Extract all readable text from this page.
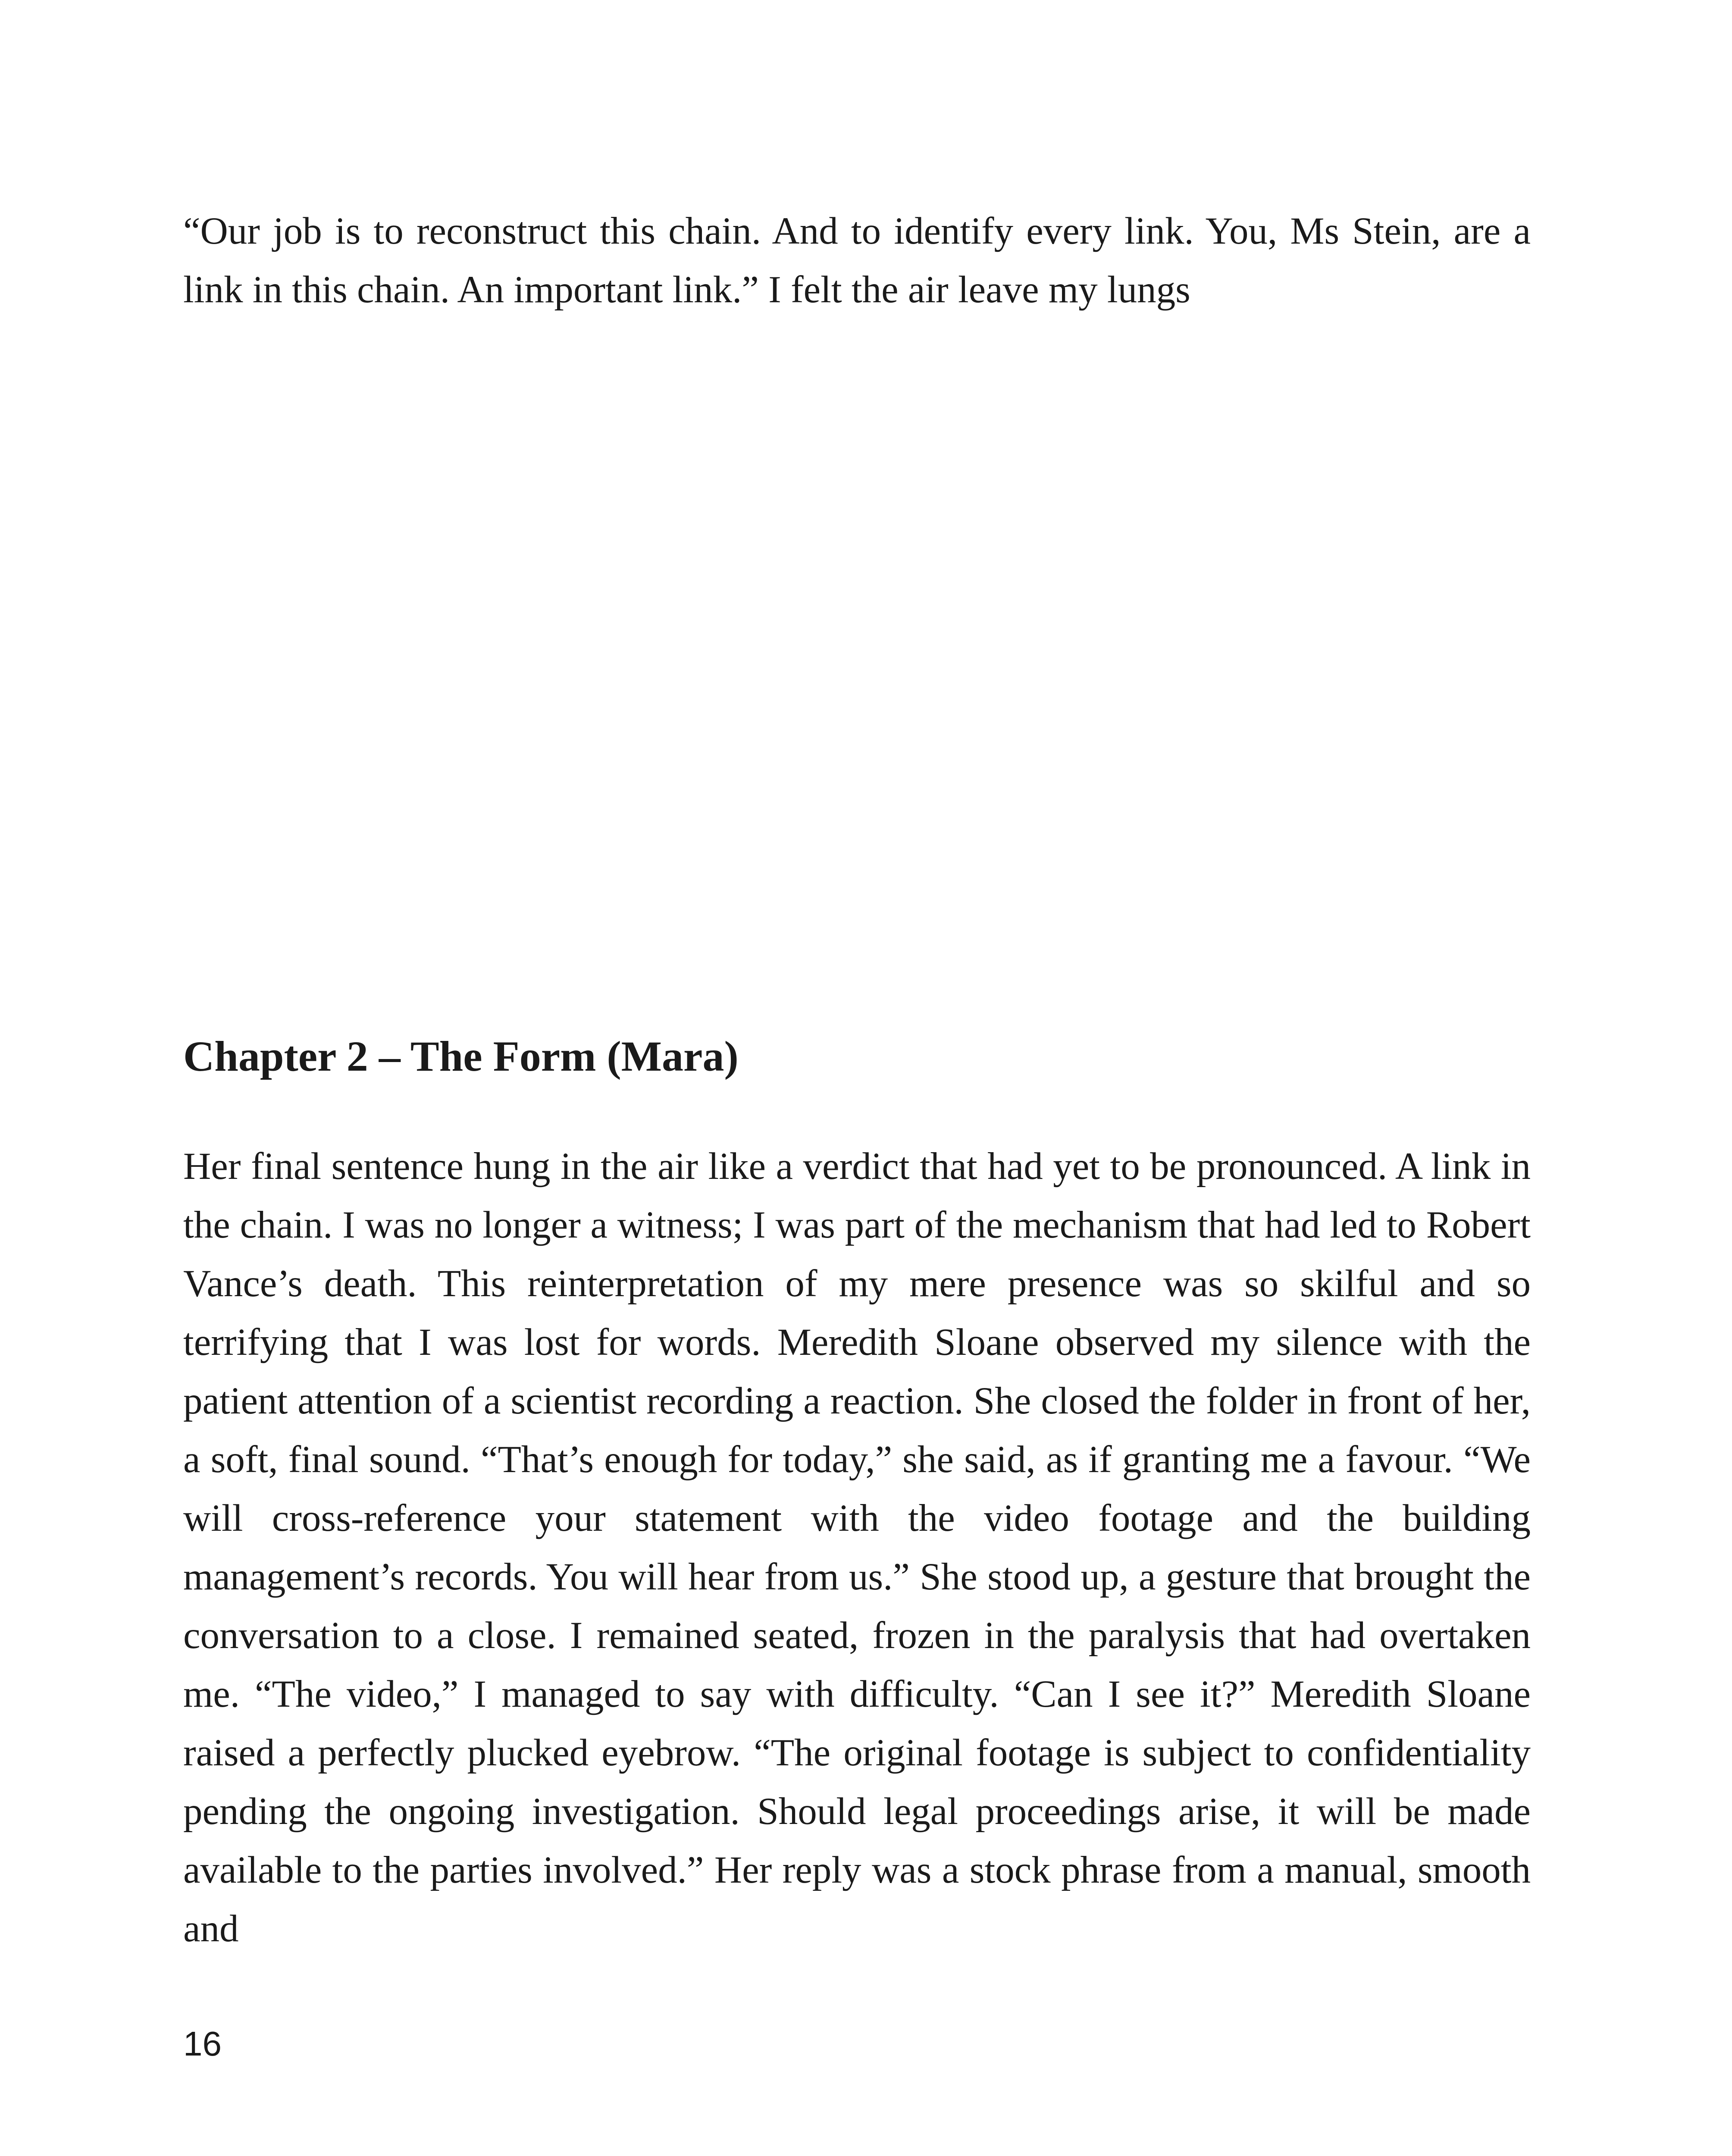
“Our job is to reconstruct this chain. And to identify every link. You, Ms Stein, are a link in this chain. An important link.” I felt the air leave my lungs

Chapter 2 – The Form (Mara)

Her final sentence hung in the air like a verdict that had yet to be pronounced. A link in the chain. I was no longer a witness; I was part of the mechanism that had led to Robert Vance’s death. This reinterpretation of my mere presence was so skilful and so terrifying that I was lost for words. Meredith Sloane observed my silence with the patient attention of a scientist recording a reaction. She closed the folder in front of her, a soft, final sound. “That’s enough for today,” she said, as if granting me a favour. “We will cross-reference your statement with the video footage and the building management’s records. You will hear from us.” She stood up, a gesture that brought the conversation to a close. I remained seated, frozen in the paralysis that had overtaken me. “The video,” I managed to say with difficulty. “Can I see it?” Meredith Sloane raised a perfectly plucked eyebrow. “The original footage is subject to confidentiality pending the ongoing investigation. Should legal proceedings arise, it will be made available to the parties involved.” Her reply was a stock phrase from a manual, smooth and

16
